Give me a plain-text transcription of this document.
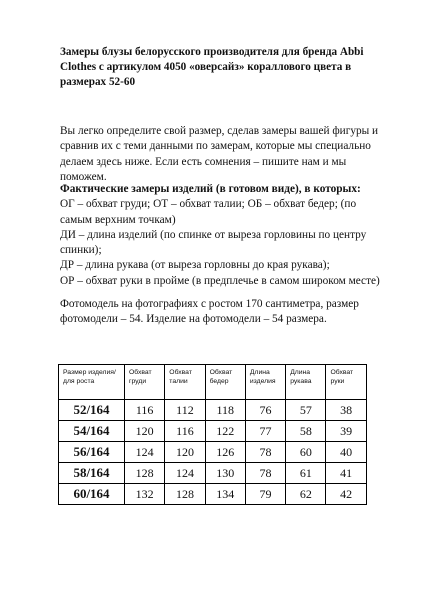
Замеры блузы белорусского производителя для бренда Abbi Clothes с артикулом 4050 «оверсайз» кораллового цвета в размерах 52-60
Вы легко определите свой размер, сделав замеры вашей фигуры и сравнив их с теми данными по замерам, которые мы специально делаем здесь ниже. Если есть сомнения – пишите нам и мы поможем.
Фактические замеры изделий (в готовом виде), в которых:
ОГ – обхват груди; ОТ – обхват талии; ОБ – обхват бедер; (по самым верхним точкам)
ДИ – длина изделий (по спинке от выреза горловины по центру спинки);
ДР – длина рукава (от выреза горловны до края рукава);
ОР – обхват руки в пройме (в предплечье в самом широком месте)
Фотомодель на фотографиях с ростом 170 сантиметра, размер фотомодели – 54. Изделие на фотомодели – 54 размера.
Размер изделия/для роста	Обхват груди	Обхват талии	Обхват бедер	Длина изделия	Длина рукава	Обхват руки
52/164	116	112	118	76	57	38
54/164	120	116	122	77	58	39
56/164	124	120	126	78	60	40
58/164	128	124	130	78	61	41
60/164	132	128	134	79	62	42
